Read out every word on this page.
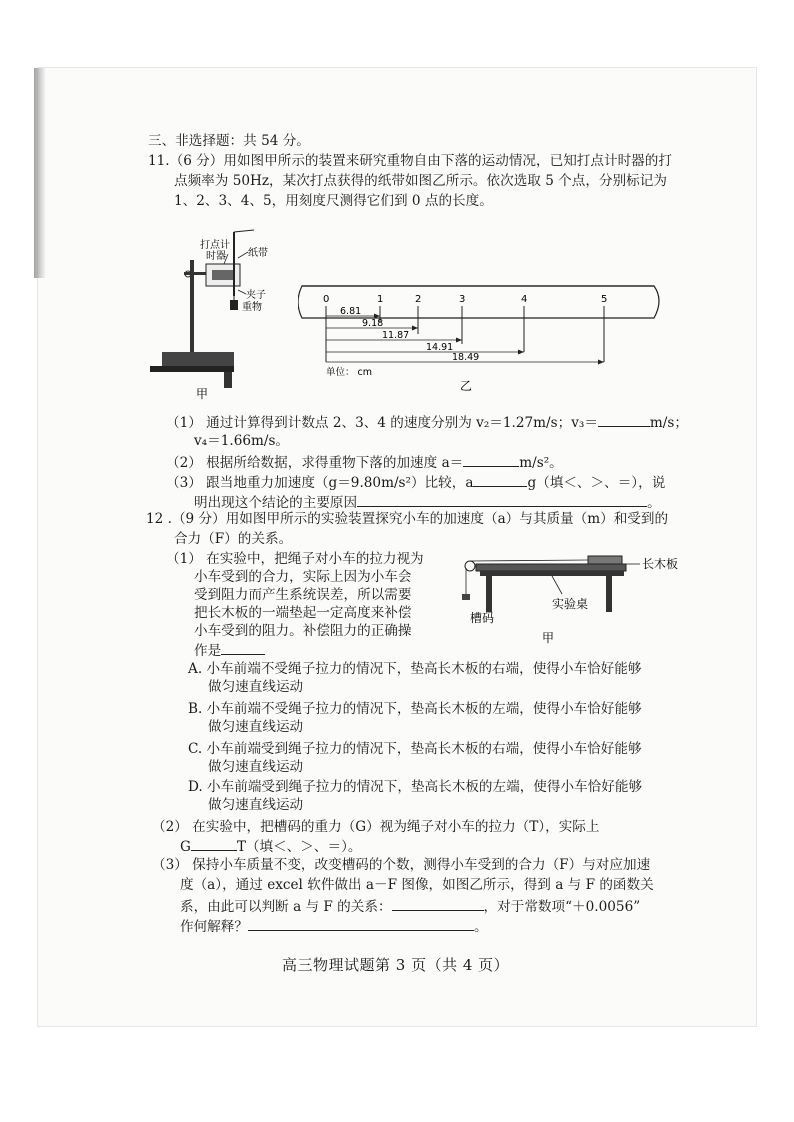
三、非选择题：共 54 分。
11.（6 分）用如图甲所示的装置来研究重物自由下落的运动情况，已知打点计时器的打
点频率为 50Hz，某次打点获得的纸带如图乙所示。依次选取 5 个点，分别标记为
1、2、3、4、5，用刻度尺测得它们到 0 点的长度。
打点计
时器 纸带
夹子
重物
甲
0	1	2	3	4	5
6.81
9.18
11.87
14.91
18.49
单位： cm
乙
（1） 通过计算得到计数点 2、3、4 的速度分别为 v₂＝1.27m/s；v₃＝	m/s；
v₄＝1.66m/s。
（2） 根据所给数据，求得重物下落的加速度 a＝	m/s²。
（3） 跟当地重力加速度（g＝9.80m/s²）比较，a	g（填＜、＞、＝），说
明出现这个结论的主要原因	。
12 .（9 分）用如图甲所示的实验装置探究小车的加速度（a）与其质量（m）和受到的
合力（F）的关系。
（1） 在实验中，把绳子对小车的拉力视为
小车受到的合力，实际上因为小车会
受到阻力而产生系统误差，所以需要
把长木板的一端垫起一定高度来补偿
小车受到的阻力。补偿阻力的正确操
作是
长木板
实验桌
槽码
甲
A. 小车前端不受绳子拉力的情况下，垫高长木板的右端，使得小车恰好能够
做匀速直线运动
B. 小车前端不受绳子拉力的情况下，垫高长木板的左端，使得小车恰好能够
做匀速直线运动
C. 小车前端受到绳子拉力的情况下，垫高长木板的右端，使得小车恰好能够
做匀速直线运动
D. 小车前端受到绳子拉力的情况下，垫高长木板的左端，使得小车恰好能够
做匀速直线运动
（2） 在实验中，把槽码的重力（G）视为绳子对小车的拉力（T），实际上
G	T（填＜、＞、＝）。
（3） 保持小车质量不变，改变槽码的个数，测得小车受到的合力（F）与对应加速
度（a），通过 excel 软件做出 a－F 图像，如图乙所示，得到 a 与 F 的函数关
系，由此可以判断 a 与 F 的关系：	，对于常数项“＋0.0056”
作何解释？	。
高三物理试题第 3 页（共 4 页）
